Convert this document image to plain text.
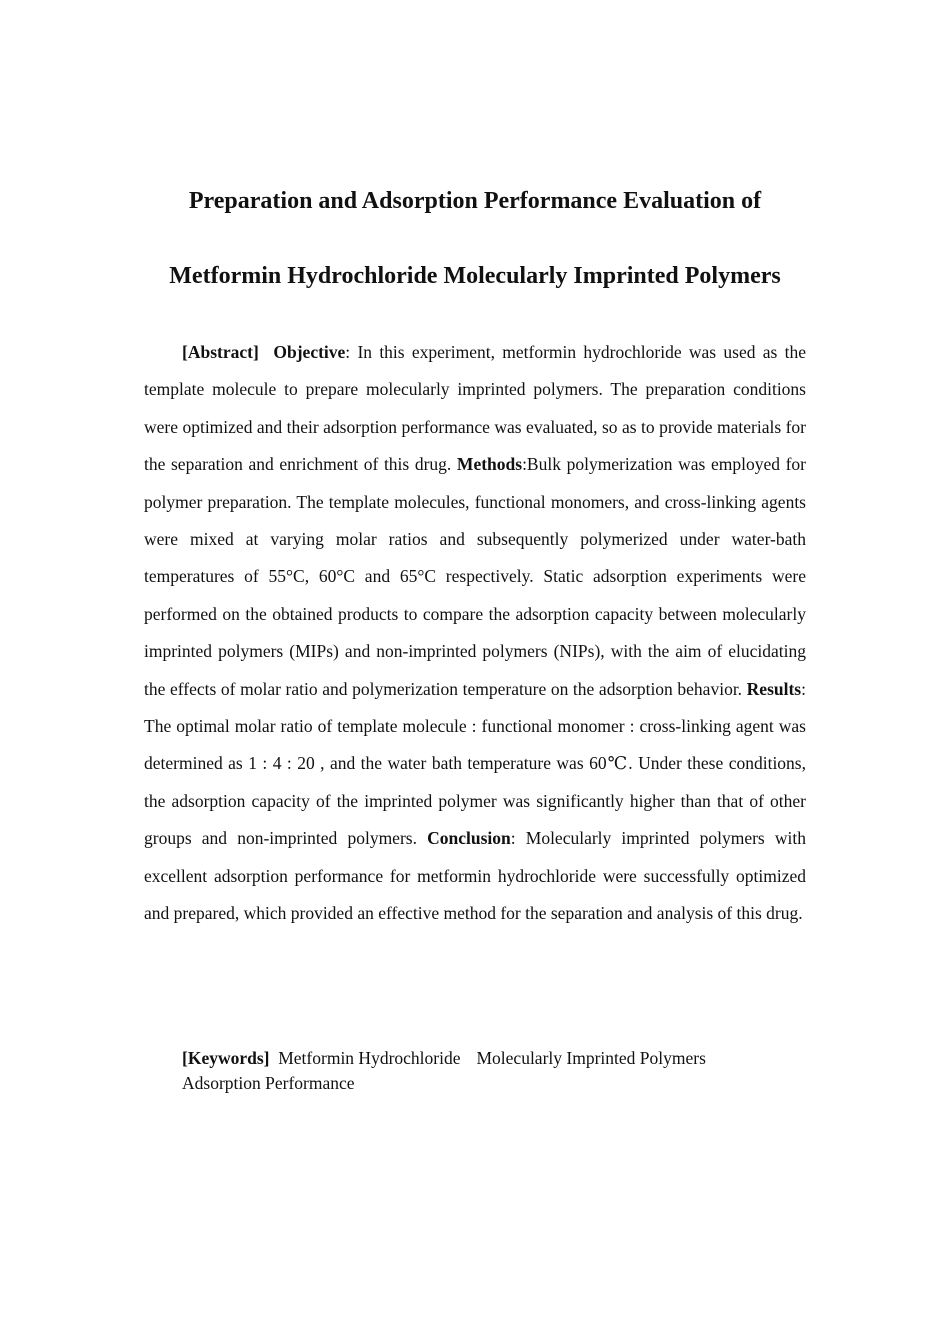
Preparation and Adsorption Performance Evaluation of
Metformin Hydrochloride Molecularly Imprinted Polymers

[Abstract] Objective: In this experiment, metformin hydrochloride was used as the template molecule to prepare molecularly imprinted polymers. The preparation conditions were optimized and their adsorption performance was evaluated, so as to provide materials for the separation and enrichment of this drug. Methods:Bulk polymerization was employed for polymer preparation. The template molecules, functional monomers, and cross-linking agents were mixed at varying molar ratios and subsequently polymerized under water-bath temperatures of 55°C, 60°C and 65°C respectively. Static adsorption experiments were performed on the obtained products to compare the adsorption capacity between molecularly imprinted polymers (MIPs) and non-imprinted polymers (NIPs), with the aim of elucidating the effects of molar ratio and polymerization temperature on the adsorption behavior. Results: The optimal molar ratio of template molecule : functional monomer : cross-linking agent was determined as 1 : 4 : 20 , and the water bath temperature was 60℃. Under these conditions, the adsorption capacity of the imprinted polymer was significantly higher than that of other groups and non-imprinted polymers. Conclusion: Molecularly imprinted polymers with excellent adsorption performance for metformin hydrochloride were successfully optimized and prepared, which provided an effective method for the separation and analysis of this drug.

[Keywords] Metformin Hydrochloride Molecularly Imprinted Polymers
Adsorption Performance
